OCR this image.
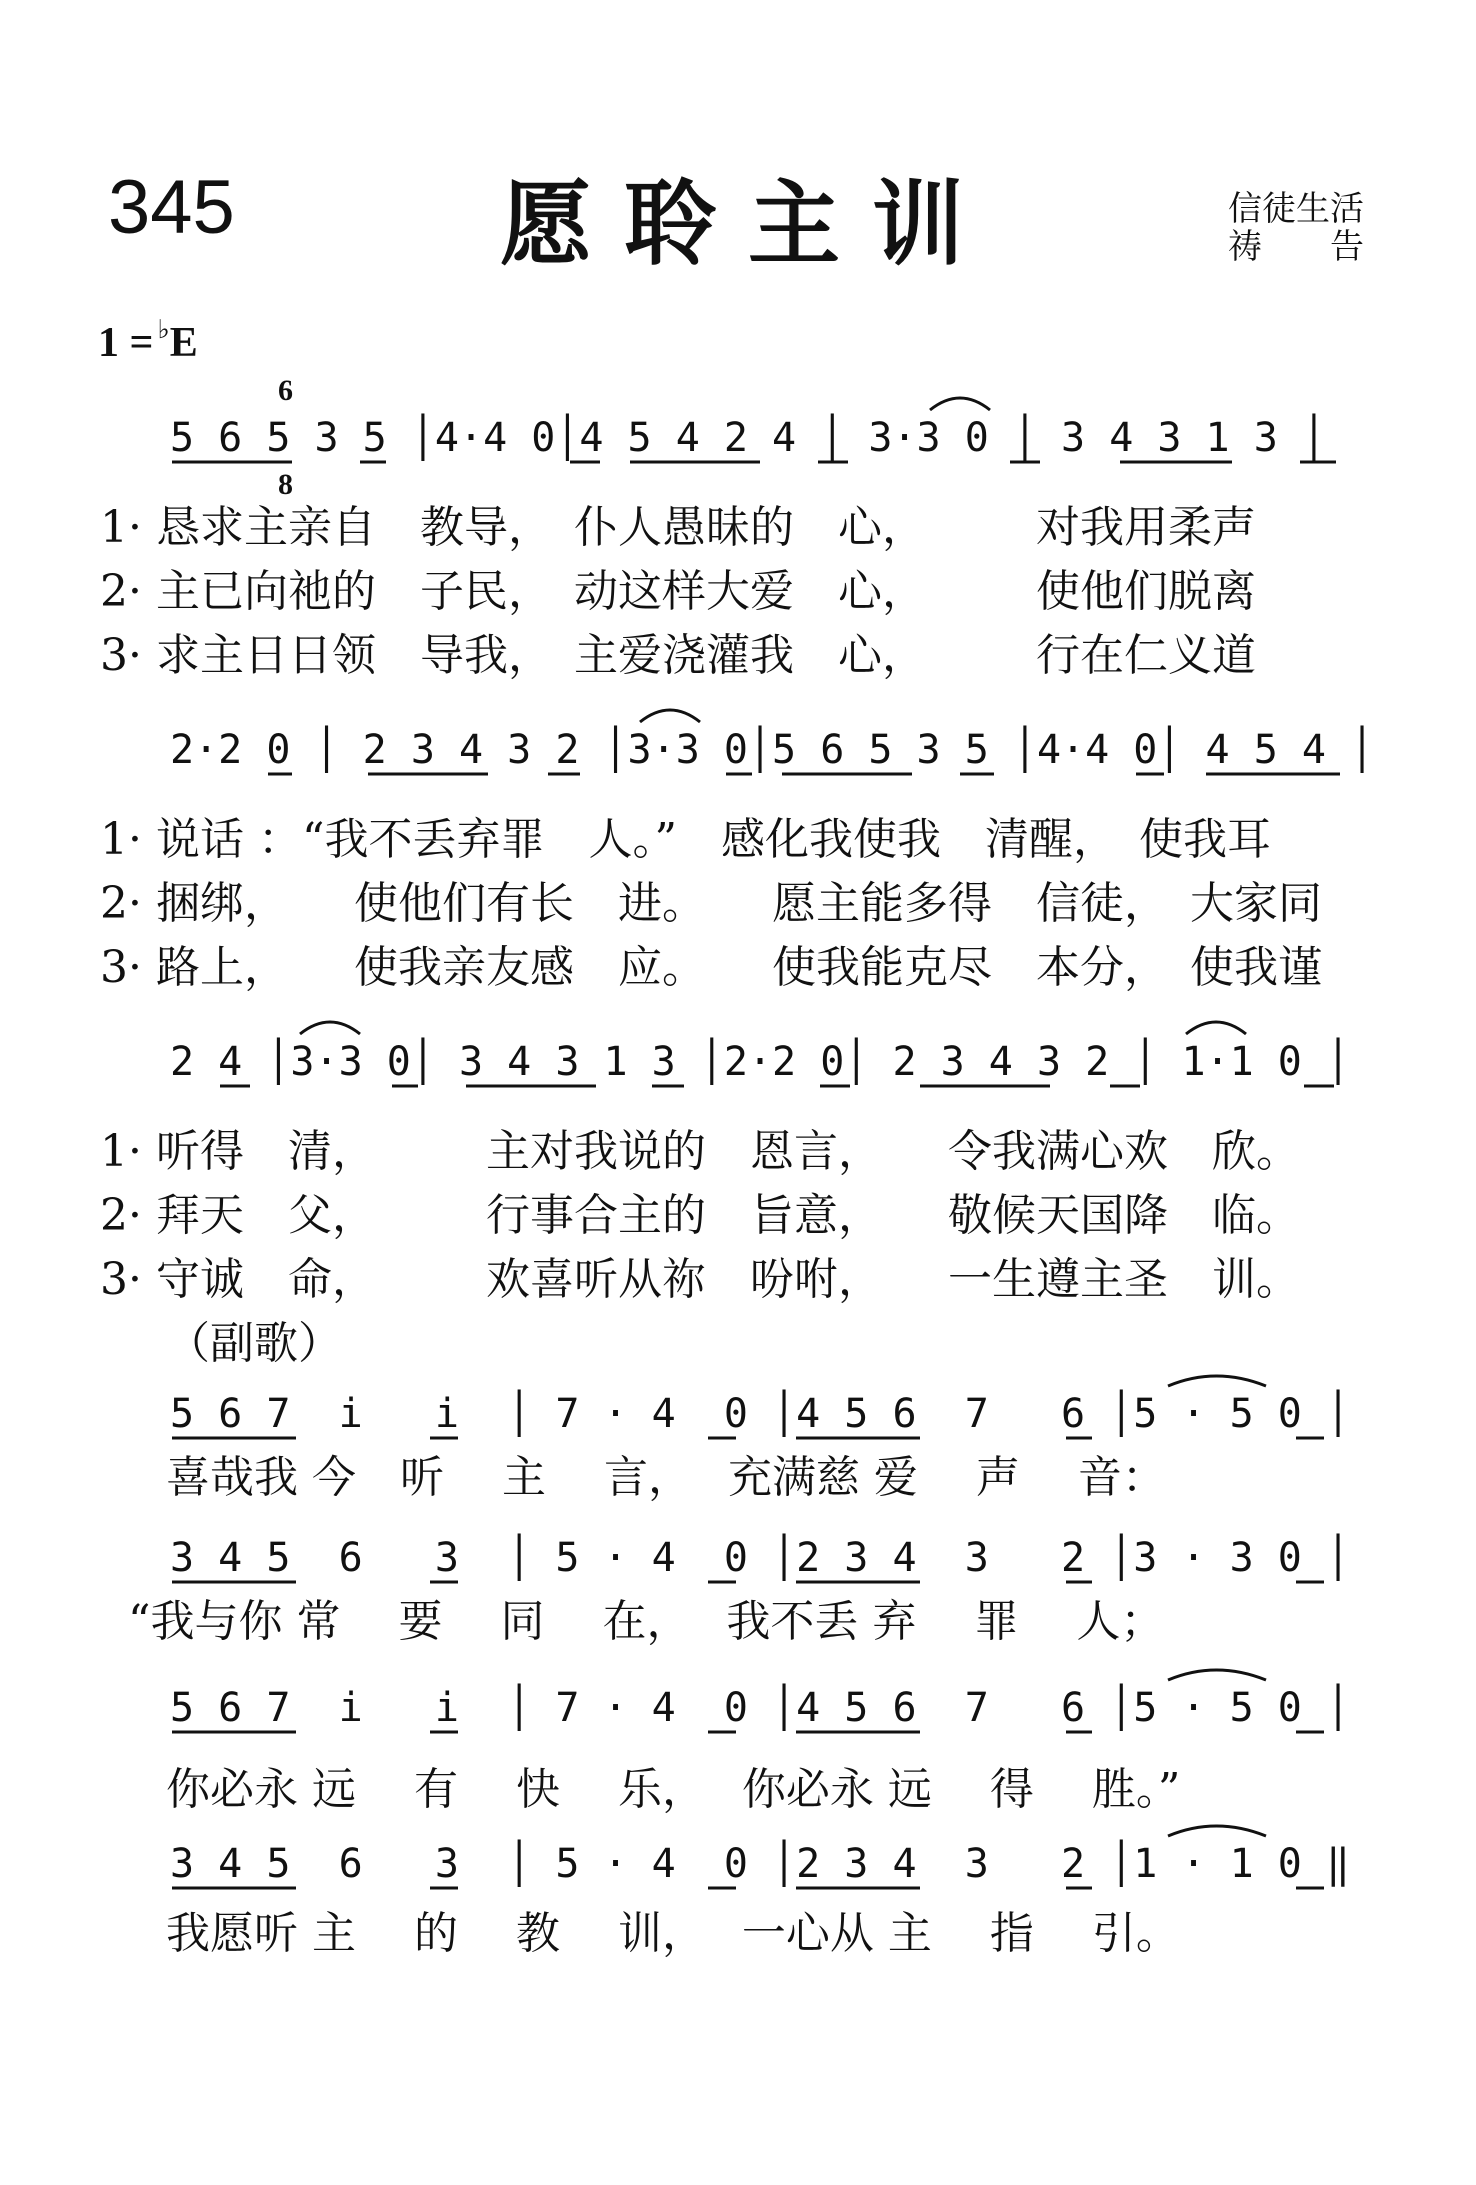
345	愿聆主训	信徒生活
祷　　告
1 = ♭E

6

8

5 6 5 3 5 │4·4 0│4 5 4 2 4 │ 3·3 0 │ 3 4 3 1 3 │
1· 恳求主亲自　教导，　仆人愚昧的　心，　　　对我用柔声
2· 主已向祂的　子民，　动这样大爱　心，　　　使他们脱离
3· 求主日日领　导我，　主爱浇灌我　心，　　　行在仁义道
2·2 0 │ 2 3 4 3 2 │3·3 0│5 6 5 3 5 │4·4 0│ 4 5 4 │
1· 说话 ：“我不丢弃罪　人。”　感化我使我　清醒，　使我耳
2· 捆绑，　　使他们有长　进。　　愿主能多得　信徒，　大家同
3· 路上，　　使我亲友感　应。　　使我能克尽　本分，　使我谨
2 4 │3·3 0│ 3 4 3 1 3 │2·2 0│ 2 3 4 3 2 │ 1·1 0 │
1· 听得　清，　　　主对我说的　恩言，　　令我满心欢　欣。
2· 拜天　父，　　　行事合主的　旨意，　　敬候天国降　临。
3· 守诚　命，　　　欢喜听从祢　吩咐，　　一生遵主圣　训。
（副歌）
5 6 7  i   i  │ 7 · 4  0 │4 5 6  7   6 │5 · 5 0 │
喜哉我 今　听　 主　 言，　 充满慈 爱　 声　 音：
3 4 5  6   3  │ 5 · 4  0 │2 3 4  3   2 │3 · 3 0 │
“我与你 常　 要　 同　 在，　 我不丢 弃　 罪　 人；
5 6 7  i   i  │ 7 · 4  0 │4 5 6  7   6 │5 · 5 0 │
你必永 远　 有　 快　 乐，　 你必永 远　 得　 胜。”
3 4 5  6   3  │ 5 · 4  0 │2 3 4  3   2 │1 · 1 0 ‖
我愿听 主　 的　 教　 训，　 一心从 主　 指　 引。
